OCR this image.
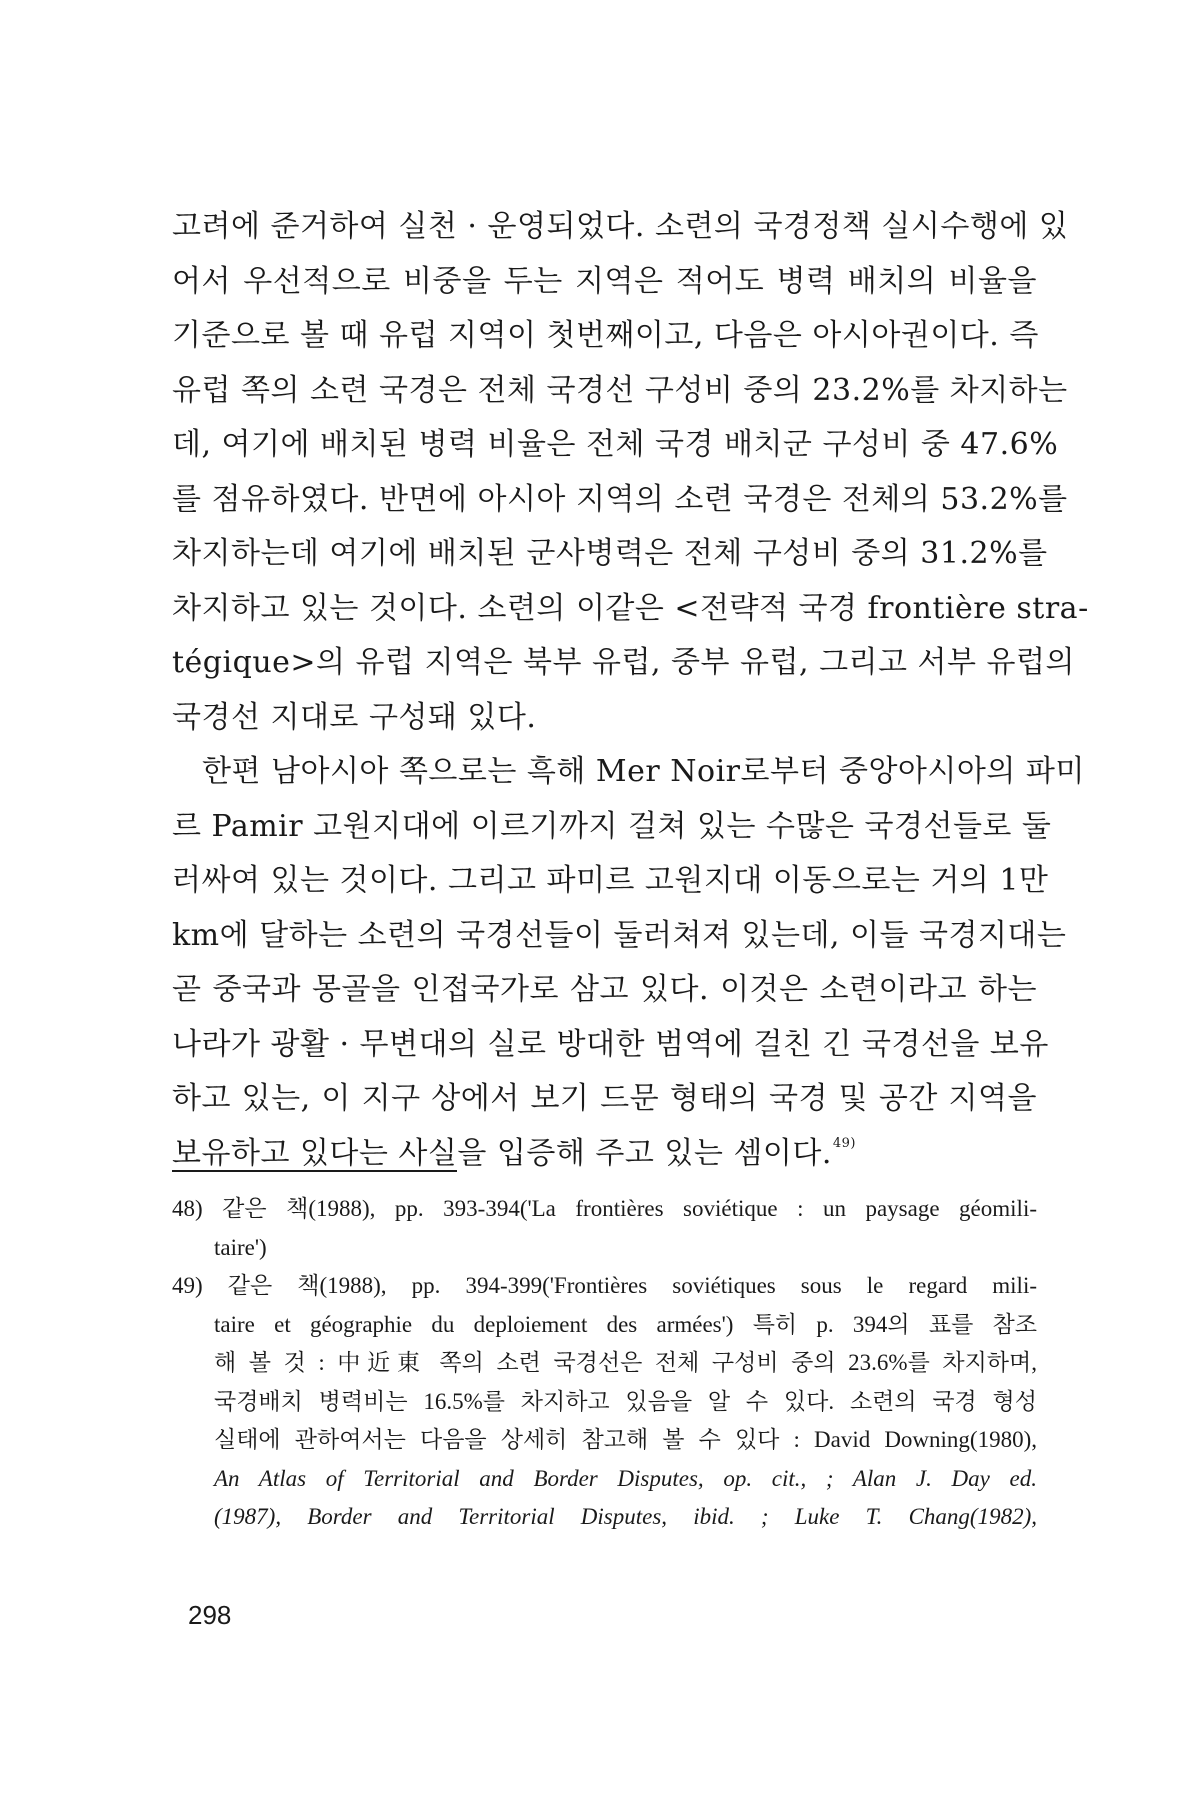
고려에 준거하여 실천 · 운영되었다. 소련의 국경정책 실시수행에 있
어서 우선적으로 비중을 두는 지역은 적어도 병력 배치의 비율을
기준으로 볼 때 유럽 지역이 첫번째이고, 다음은 아시아권이다. 즉
유럽 쪽의 소련 국경은 전체 국경선 구성비 중의 23.2%를 차지하는
데, 여기에 배치된 병력 비율은 전체 국경 배치군 구성비 중 47.6%
를 점유하였다. 반면에 아시아 지역의 소련 국경은 전체의 53.2%를
차지하는데 여기에 배치된 군사병력은 전체 구성비 중의 31.2%를
차지하고 있는 것이다. 소련의 이같은 <전략적 국경 frontière stra-
tégique>의 유럽 지역은 북부 유럽, 중부 유럽, 그리고 서부 유럽의
국경선 지대로 구성돼 있다.
한편 남아시아 쪽으로는 흑해 Mer Noir로부터 중앙아시아의 파미
르 Pamir 고원지대에 이르기까지 걸쳐 있는 수많은 국경선들로 둘
러싸여 있는 것이다. 그리고 파미르 고원지대 이동으로는 거의 1만
km에 달하는 소련의 국경선들이 둘러쳐져 있는데, 이들 국경지대는
곧 중국과 몽골을 인접국가로 삼고 있다. 이것은 소련이라고 하는
나라가 광활 · 무변대의 실로 방대한 범역에 걸친 긴 국경선을 보유
하고 있는, 이 지구 상에서 보기 드문 형태의 국경 및 공간 지역을
보유하고 있다는 사실을 입증해 주고 있는 셈이다.$^{49)}$
48) 같은 책(1988), pp. 393-394('La frontières soviétique : un paysage géomili-
taire')
49) 같은 책(1988), pp. 394-399('Frontières soviétiques sous le regard mili-
taire et géographie du deploiement des armées') 특히 p. 394의 표를 참조
해 볼 것 : 中近東 쪽의 소련 국경선은 전체 구성비 중의 23.6%를 차지하며,
국경배치 병력비는 16.5%를 차지하고 있음을 알 수 있다. 소련의 국경 형성
실태에 관하여서는 다음을 상세히 참고해 볼 수 있다 : David Downing(1980),
An Atlas of Territorial and Border Disputes, op. cit., ; Alan J. Day ed.
(1987), Border and Territorial Disputes, ibid. ; Luke T. Chang(1982),
298
